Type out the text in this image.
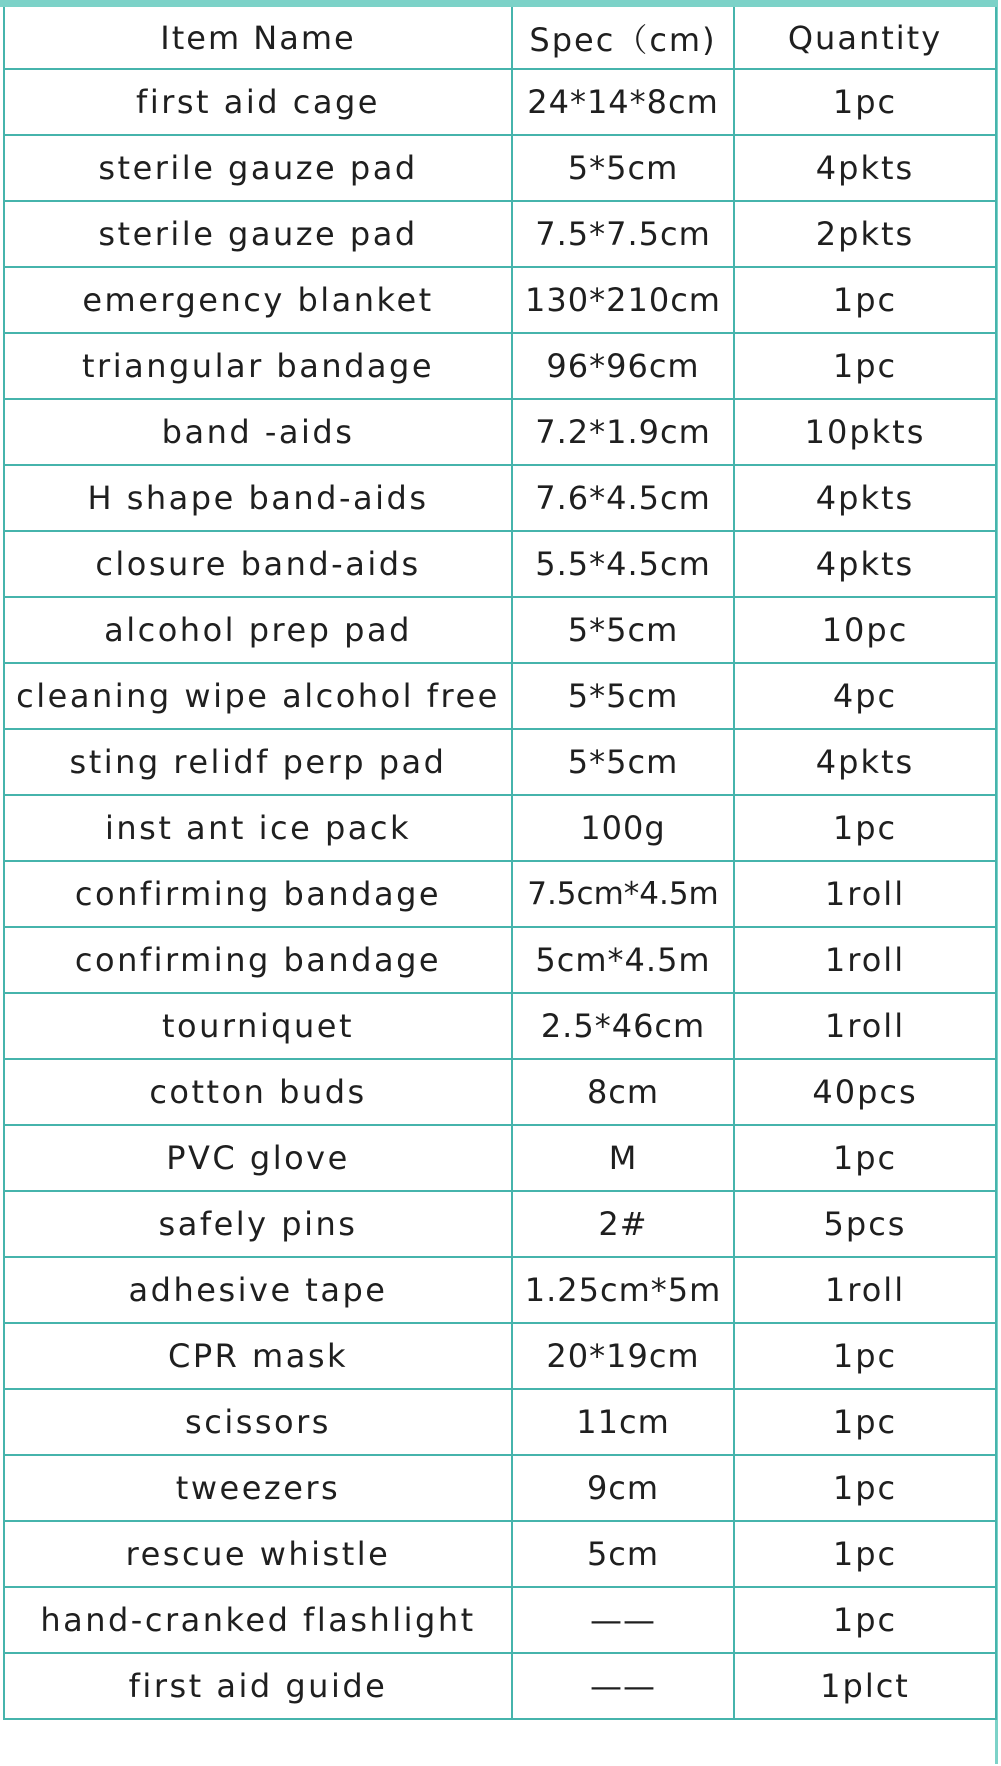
Item Name	Spec（cm)	Quantity
first aid cage	24*14*8cm	1pc
sterile gauze pad	5*5cm	4pkts
sterile gauze pad	7.5*7.5cm	2pkts
emergency blanket	130*210cm	1pc
triangular bandage	96*96cm	1pc
band -aids	7.2*1.9cm	10pkts
H shape band-aids	7.6*4.5cm	4pkts
closure band-aids	5.5*4.5cm	4pkts
alcohol prep pad	5*5cm	10pc
cleaning wipe alcohol free	5*5cm	4pc
sting relidf perp pad	5*5cm	4pkts
inst ant ice pack	100g	1pc
confirming bandage	7.5cm*4.5m	1roll
confirming bandage	5cm*4.5m	1roll
tourniquet	2.5*46cm	1roll
cotton buds	8cm	40pcs
PVC glove	M	1pc
safely pins	2#	5pcs
adhesive tape	1.25cm*5m	1roll
CPR mask	20*19cm	1pc
scissors	11cm	1pc
tweezers	9cm	1pc
rescue whistle	5cm	1pc
hand-cranked flashlight	——	1pc
first aid guide	——	1plct
